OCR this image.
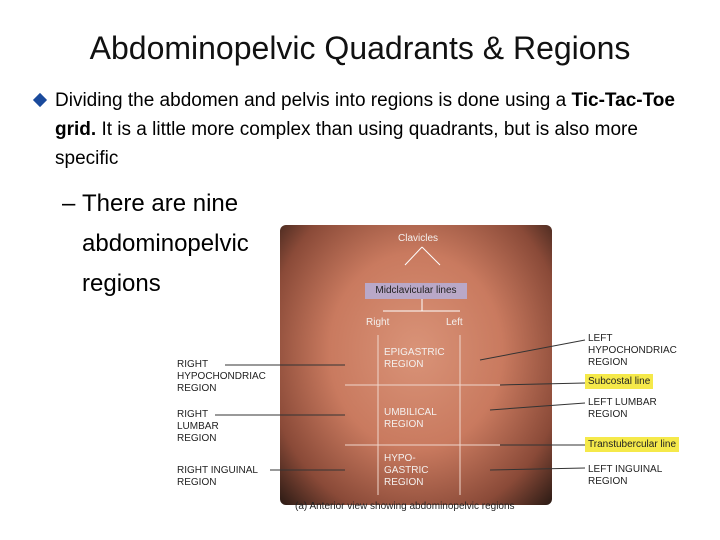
Abdominopelvic Quadrants & Regions
Dividing the abdomen and pelvis into regions is done using a Tic-Tac-Toe grid. It is a little more complex than using quadrants, but is also more specific
– There are nine
abdominopelvic
regions
Clavicles
Midclavicular lines
Right	Left
EPIGASTRIC
REGION
UMBILICAL
REGION
HYPO-
GASTRIC
REGION
RIGHT
HYPOCHONDRIAC
REGION
RIGHT
LUMBAR
REGION
RIGHT INGUINAL
REGION
LEFT
HYPOCHONDRIAC
REGION
Subcostal line
LEFT LUMBAR
REGION
Transtubercular line
LEFT INGUINAL
REGION
(a) Anterior view showing abdominopelvic regions
